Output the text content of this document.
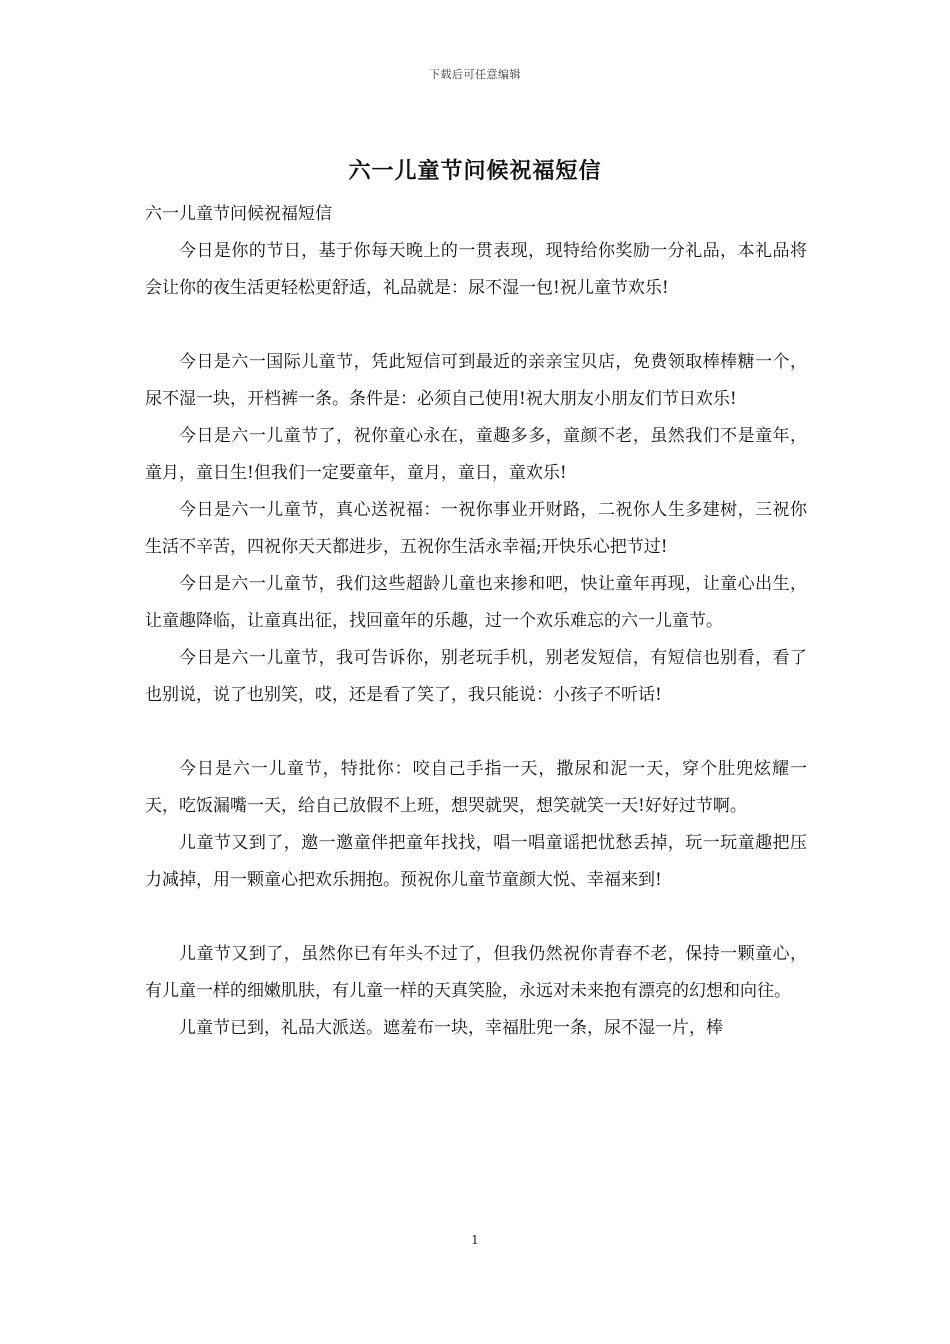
下载后可任意编辑
六一儿童节问候祝福短信

六一儿童节问候祝福短信

今日是你的节日，基于你每天晚上的一贯表现，现特给你奖励一分礼品，本礼品将会让你的夜生活更轻松更舒适，礼品就是：尿不湿一包!祝儿童节欢乐!

今日是六一国际儿童节，凭此短信可到最近的亲亲宝贝店，免费领取棒棒糖一个，尿不湿一块，开档裤一条。条件是：必须自己使用!祝大朋友小朋友们节日欢乐!

今日是六一儿童节了，祝你童心永在，童趣多多，童颜不老，虽然我们不是童年，童月，童日生!但我们一定要童年，童月，童日，童欢乐!

今日是六一儿童节，真心送祝福：一祝你事业开财路，二祝你人生多建树，三祝你生活不辛苦，四祝你天天都进步，五祝你生活永幸福;开快乐心把节过!

今日是六一儿童节，我们这些超龄儿童也来掺和吧，快让童年再现，让童心出生，让童趣降临，让童真出征，找回童年的乐趣，过一个欢乐难忘的六一儿童节。

今日是六一儿童节，我可告诉你，别老玩手机，别老发短信，有短信也别看，看了也别说，说了也别笑，哎，还是看了笑了，我只能说：小孩子不听话!

今日是六一儿童节，特批你：咬自己手指一天，撒尿和泥一天，穿个肚兜炫耀一天，吃饭漏嘴一天，给自己放假不上班，想哭就哭，想笑就笑一天!好好过节啊。

儿童节又到了，邀一邀童伴把童年找找，唱一唱童谣把忧愁丢掉，玩一玩童趣把压力减掉，用一颗童心把欢乐拥抱。预祝你儿童节童颜大悦、幸福来到!

儿童节又到了，虽然你已有年头不过了，但我仍然祝你青春不老，保持一颗童心，有儿童一样的细嫩肌肤，有儿童一样的天真笑脸，永远对未来抱有漂亮的幻想和向往。

儿童节已到，礼品大派送。遮羞布一块，幸福肚兜一条，尿不湿一片，棒

1
